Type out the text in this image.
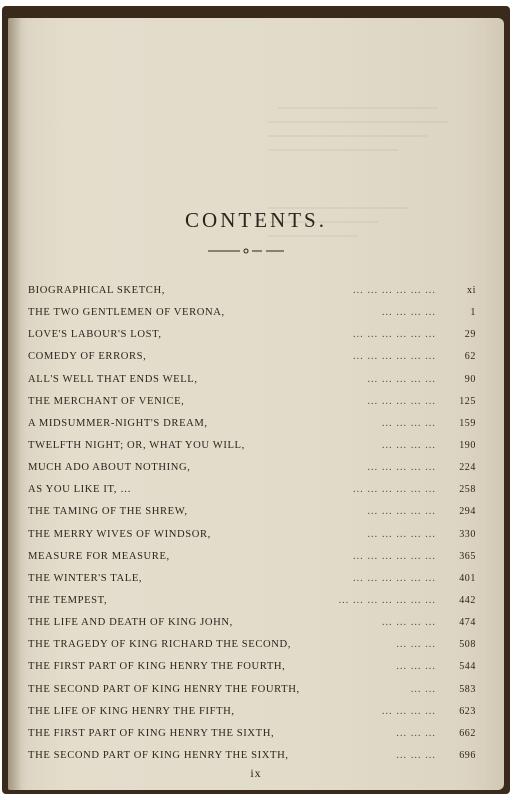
CONTENTS.
BIOGRAPHICAL SKETCH,	… … … … … …	xi
THE TWO GENTLEMEN OF VERONA,	… … … …	1
LOVE'S LABOUR'S LOST,	… … … … … …	29
COMEDY OF ERRORS,	… … … … … …	62
ALL'S WELL THAT ENDS WELL,	… … … … …	90
THE MERCHANT OF VENICE,	… … … … …	125
A MIDSUMMER-NIGHT'S DREAM,	… … … …	159
TWELFTH NIGHT; OR, WHAT YOU WILL,	… … … …	190
MUCH ADO ABOUT NOTHING,	… … … … …	224
AS YOU LIKE IT, …	… … … … … …	258
THE TAMING OF THE SHREW,	… … … … …	294
THE MERRY WIVES OF WINDSOR,	… … … … …	330
MEASURE FOR MEASURE,	… … … … … …	365
THE WINTER'S TALE,	… … … … … …	401
THE TEMPEST,	… … … … … … …	442
THE LIFE AND DEATH OF KING JOHN,	… … … …	474
THE TRAGEDY OF KING RICHARD THE SECOND,	… … …	508
THE FIRST PART OF KING HENRY THE FOURTH,	… … …	544
THE SECOND PART OF KING HENRY THE FOURTH,	… …	583
THE LIFE OF KING HENRY THE FIFTH,	… … … …	623
THE FIRST PART OF KING HENRY THE SIXTH,	… … …	662
THE SECOND PART OF KING HENRY THE SIXTH,	… … …	696
ix
